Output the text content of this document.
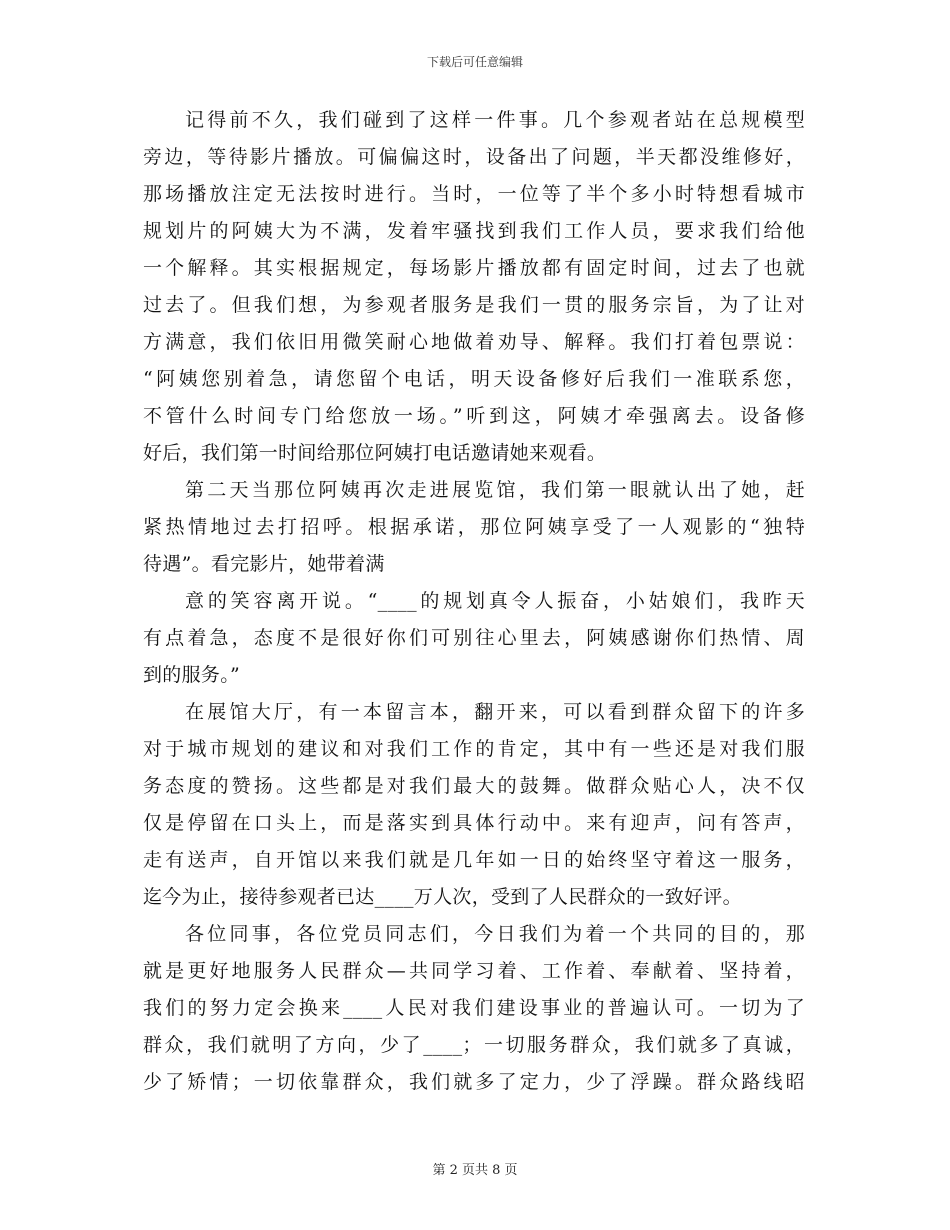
下载后可任意编辑
记得前不久，我们碰到了这样一件事。几个参观者站在总规模型
旁边，等待影片播放。可偏偏这时，设备出了问题，半天都没维修好，
那场播放注定无法按时进行。当时，一位等了半个多小时特想看城市
规划片的阿姨大为不满，发着牢骚找到我们工作人员，要求我们给他
一个解释。其实根据规定，每场影片播放都有固定时间，过去了也就
过去了。但我们想，为参观者服务是我们一贯的服务宗旨，为了让对
方满意，我们依旧用微笑耐心地做着劝导、解释。我们打着包票说：
“阿姨您别着急，请您留个电话，明天设备修好后我们一准联系您，
不管什么时间专门给您放一场。”听到这，阿姨才牵强离去。设备修
好后，我们第一时间给那位阿姨打电话邀请她来观看。
第二天当那位阿姨再次走进展览馆，我们第一眼就认出了她，赶
紧热情地过去打招呼。根据承诺，那位阿姨享受了一人观影的“独特
待遇”。看完影片，她带着满
意的笑容离开说。“____的规划真令人振奋，小姑娘们，我昨天
有点着急，态度不是很好你们可别往心里去，阿姨感谢你们热情、周
到的服务。”
在展馆大厅，有一本留言本，翻开来，可以看到群众留下的许多
对于城市规划的建议和对我们工作的肯定，其中有一些还是对我们服
务态度的赞扬。这些都是对我们最大的鼓舞。做群众贴心人，决不仅
仅是停留在口头上，而是落实到具体行动中。来有迎声，问有答声，
走有送声，自开馆以来我们就是几年如一日的始终坚守着这一服务，
迄今为止，接待参观者已达____万人次，受到了人民群众的一致好评。
各位同事，各位党员同志们，今日我们为着一个共同的目的，那
就是更好地服务人民群众—共同学习着、工作着、奉献着、坚持着，
我们的努力定会换来____人民对我们建设事业的普遍认可。一切为了
群众，我们就明了方向，少了____；一切服务群众，我们就多了真诚，
少了矫情；一切依靠群众，我们就多了定力，少了浮躁。群众路线昭
第 2 页共 8 页
